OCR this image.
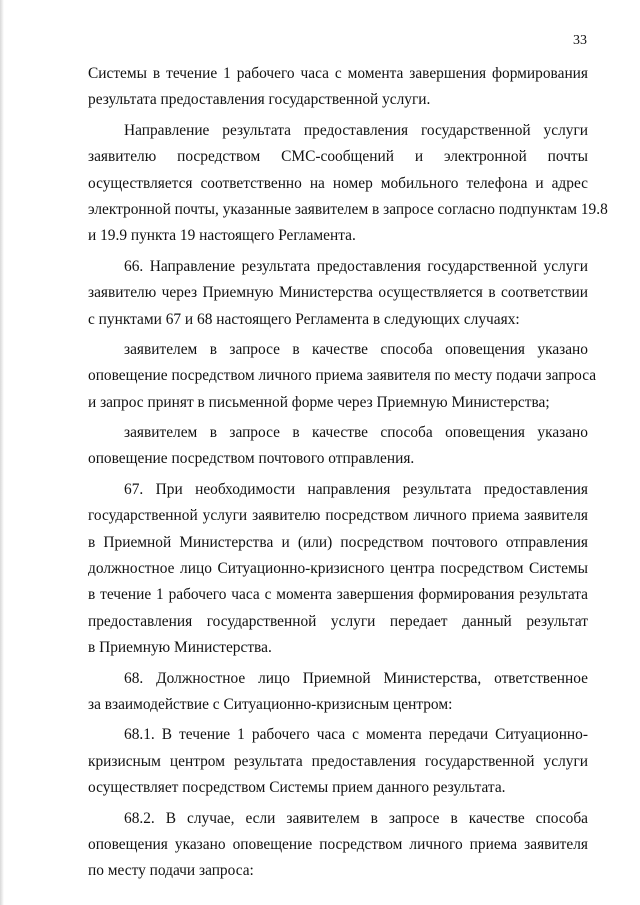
33
Системы в течение 1 рабочего часа с момента завершения формирования
результата предоставления государственной услуги.
Направление результата предоставления государственной услуги
заявителю посредством СМС-сообщений и электронной почты
осуществляется соответственно на номер мобильного телефона и адрес
электронной почты, указанные заявителем в запросе согласно подпунктам 19.8
и 19.9 пункта 19 настоящего Регламента.
66. Направление результата предоставления государственной услуги
заявителю через Приемную Министерства осуществляется в соответствии
с пунктами 67 и 68 настоящего Регламента в следующих случаях:
заявителем в запросе в качестве способа оповещения указано
оповещение посредством личного приема заявителя по месту подачи запроса
и запрос принят в письменной форме через Приемную Министерства;
заявителем в запросе в качестве способа оповещения указано
оповещение посредством почтового отправления.
67. При необходимости направления результата предоставления
государственной услуги заявителю посредством личного приема заявителя
в Приемной Министерства и (или) посредством почтового отправления
должностное лицо Ситуационно-кризисного центра посредством Системы
в течение 1 рабочего часа с момента завершения формирования результата
предоставления государственной услуги передает данный результат
в Приемную Министерства.
68. Должностное лицо Приемной Министерства, ответственное
за взаимодействие с Ситуационно-кризисным центром:
68.1. В течение 1 рабочего часа с момента передачи Ситуационно-
кризисным центром результата предоставления государственной услуги
осуществляет посредством Системы прием данного результата.
68.2. В случае, если заявителем в запросе в качестве способа
оповещения указано оповещение посредством личного приема заявителя
по месту подачи запроса:
